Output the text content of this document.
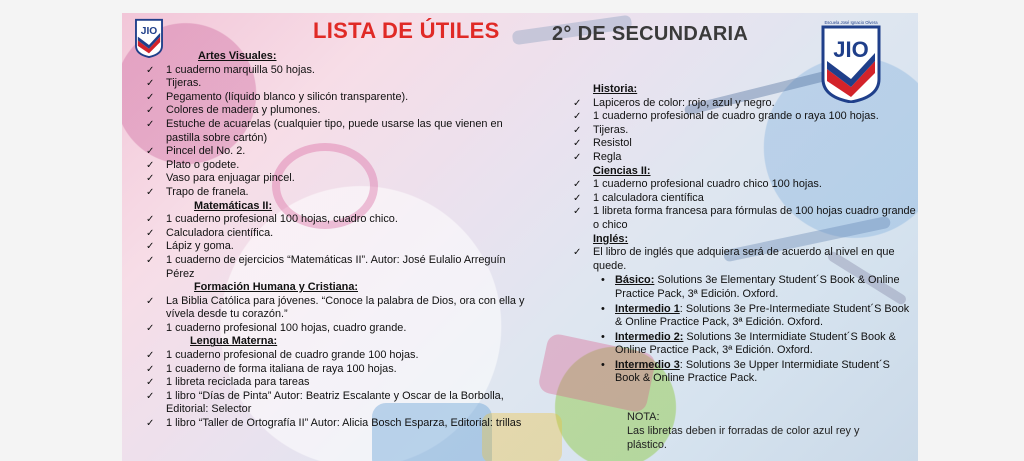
JIO	LISTA DE ÚTILES	2° DE SECUNDARIA
Escuela José Ignacio Olvera
JIO
Artes Visuales:
✓ 1 cuaderno marquilla 50 hojas.
✓ Tijeras.
✓ Pegamento (líquido blanco y silicón transparente).
✓ Colores de madera y plumones.
✓ Estuche de acuarelas (cualquier tipo, puede usarse las que vienen en pastilla sobre cartón)
✓ Pincel del No. 2.
✓ Plato o godete.
✓ Vaso para enjuagar pincel.
✓ Trapo de franela.
Matemáticas II:
✓ 1 cuaderno profesional 100 hojas, cuadro chico.
✓ Calculadora científica.
✓ Lápiz y goma.
✓ 1 cuaderno de ejercicios “Matemáticas II”. Autor: José Eulalio Arreguín Pérez
Formación Humana y Cristiana:
✓ La Biblia Católica para jóvenes. “Conoce la palabra de Dios, ora con ella y vívela desde tu corazón.”
✓ 1 cuaderno profesional 100 hojas, cuadro grande.
Lengua Materna:
✓ 1 cuaderno profesional de cuadro grande 100 hojas.
✓ 1 cuaderno de forma italiana de raya 100 hojas.
✓ 1 libreta reciclada para tareas
✓ 1 libro “Días de Pinta” Autor: Beatriz Escalante y Oscar de la Borbolla, Editorial: Selector
✓ 1 libro “Taller de Ortografía II” Autor: Alicia Bosch Esparza, Editorial: trillas
Historia:
✓ Lapiceros de color: rojo, azul y negro.
✓ 1 cuaderno profesional de cuadro grande o raya 100 hojas.
✓ Tijeras.
✓ Resistol
✓ Regla
Ciencias II:
✓ 1 cuaderno profesional cuadro chico 100 hojas.
✓ 1 calculadora científica
✓ 1 libreta forma francesa para fórmulas de 100 hojas cuadro grande o chico
Inglés:
✓ El libro de inglés que adquiera será de acuerdo al nivel en que quede.
• Básico: Solutions 3e Elementary Student´S Book & Online Practice Pack, 3ª Edición. Oxford.
• Intermedio 1: Solutions 3e Pre-Intermediate Student´S Book & Online Practice Pack, 3ª Edición. Oxford.
• Intermedio 2: Solutions 3e Intermidiate Student´S Book & Online Practice Pack, 3ª Edición. Oxford.
• Intermedio 3: Solutions 3e Upper Intermidiate Student´S Book & Online Practice Pack.
NOTA:
Las libretas deben ir forradas de color azul rey y plástico.
